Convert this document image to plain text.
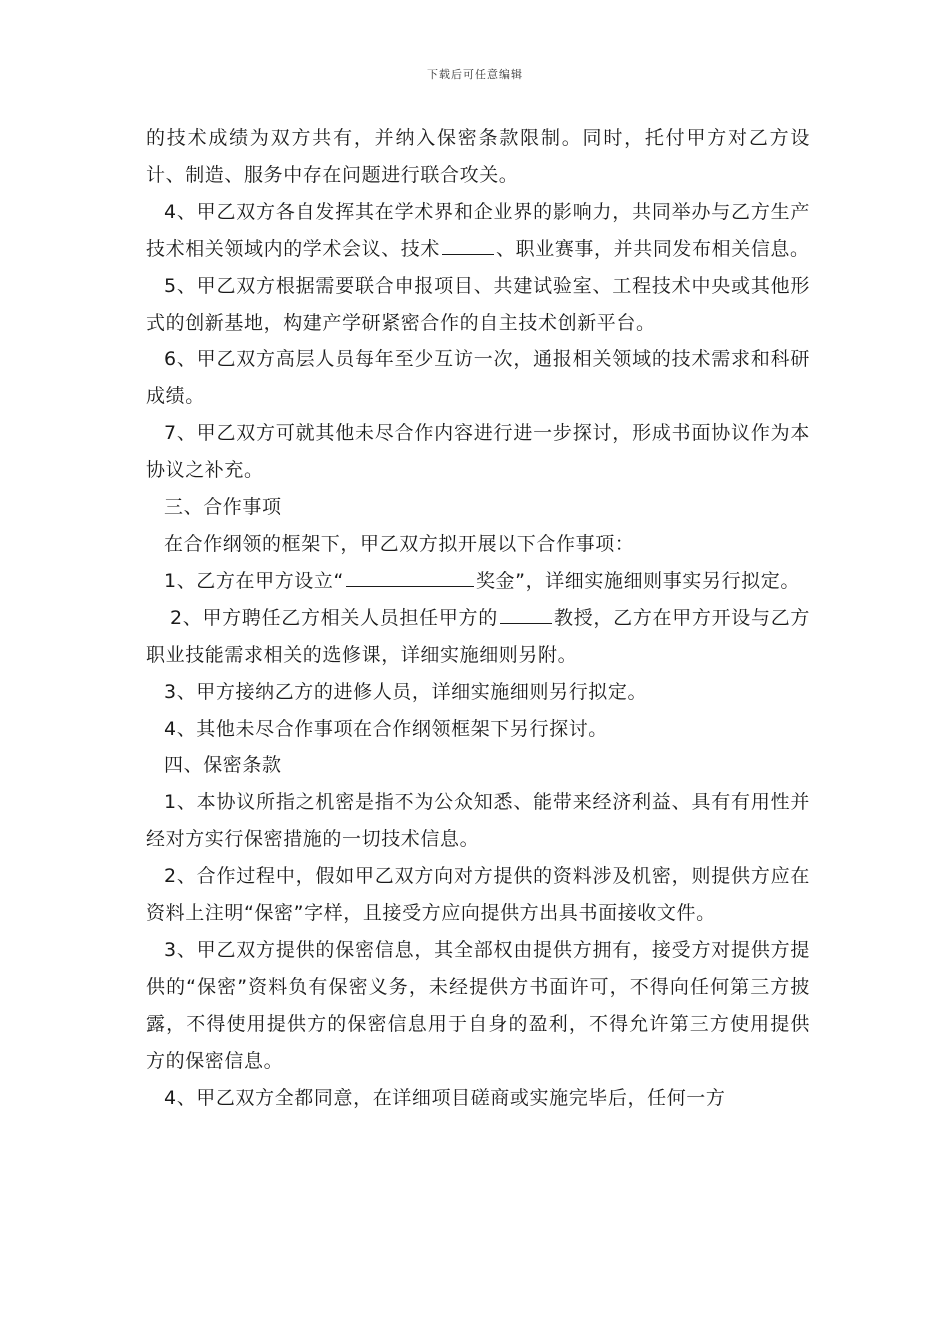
下载后可任意编辑

的技术成绩为双方共有，并纳入保密条款限制。同时，托付甲方对乙方设计、制造、服务中存在问题进行联合攻关。

4、甲乙双方各自发挥其在学术界和企业界的影响力，共同举办与乙方生产技术相关领域内的学术会议、技术	、职业赛事，并共同发布相关信息。

5、甲乙双方根据需要联合申报项目、共建试验室、工程技术中央或其他形式的创新基地，构建产学研紧密合作的自主技术创新平台。

6、甲乙双方高层人员每年至少互访一次，通报相关领域的技术需求和科研成绩。

7、甲乙双方可就其他未尽合作内容进行进一步探讨，形成书面协议作为本协议之补充。

三、合作事项

在合作纲领的框架下，甲乙双方拟开展以下合作事项：

1、乙方在甲方设立“	奖金”，详细实施细则事实另行拟定。

2、甲方聘任乙方相关人员担任甲方的	教授，乙方在甲方开设与乙方职业技能需求相关的选修课，详细实施细则另附。

3、甲方接纳乙方的进修人员，详细实施细则另行拟定。

4、其他未尽合作事项在合作纲领框架下另行探讨。

四、保密条款

1、本协议所指之机密是指不为公众知悉、能带来经济利益、具有有用性并经对方实行保密措施的一切技术信息。

2、合作过程中，假如甲乙双方向对方提供的资料涉及机密，则提供方应在资料上注明“保密”字样，且接受方应向提供方出具书面接收文件。

3、甲乙双方提供的保密信息，其全部权由提供方拥有，接受方对提供方提供的“保密”资料负有保密义务，未经提供方书面许可，不得向任何第三方披露，不得使用提供方的保密信息用于自身的盈利，不得允许第三方使用提供方的保密信息。

4、甲乙双方全都同意，在详细项目磋商或实施完毕后，任何一方
